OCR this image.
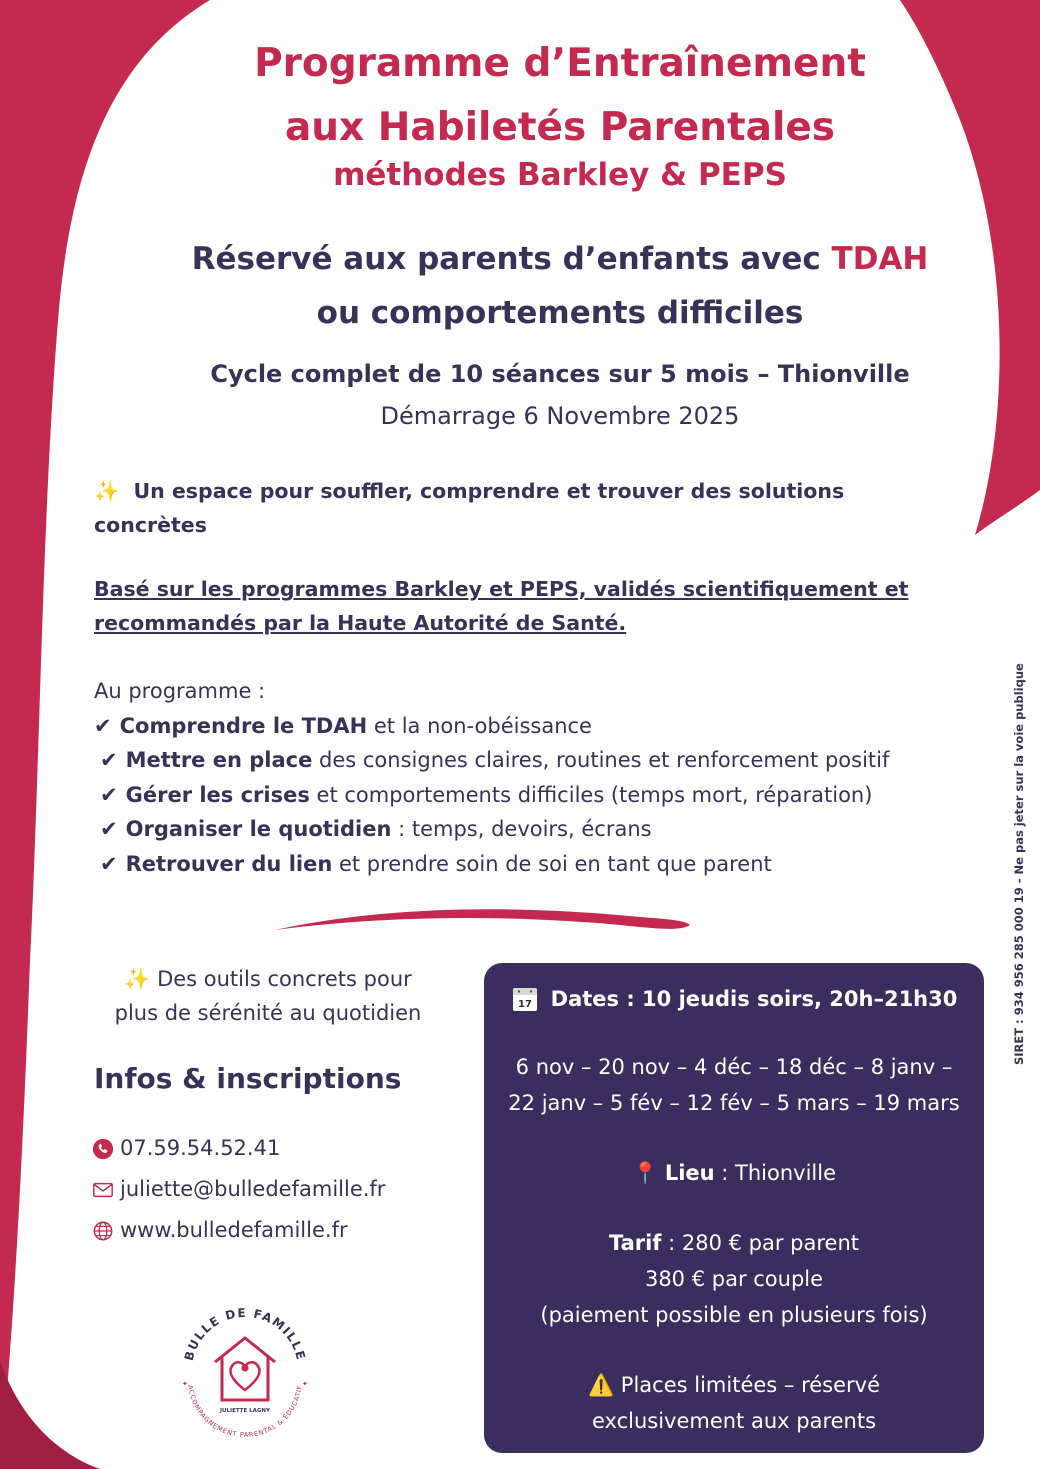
Programme d’Entraînement
aux Habiletés Parentales
méthodes Barkley & PEPS
Réservé aux parents d’enfants avec TDAH
ou comportements difficiles
Cycle complet de 10 séances sur 5 mois – Thionville
Démarrage 6 Novembre 2025
✨ Un espace pour souffler, comprendre et trouver des solutions concrètes
Basé sur les programmes Barkley et PEPS, validés scientifiquement et recommandés par la Haute Autorité de Santé.
Au programme :
✔ Comprendre le TDAH et la non-obéissance
✔ Mettre en place des consignes claires, routines et renforcement positif
✔ Gérer les crises et comportements difficiles (temps mort, réparation)
✔ Organiser le quotidien : temps, devoirs, écrans
✔ Retrouver du lien et prendre soin de soi en tant que parent
✨ Des outils concrets pour
plus de sérénité au quotidien
Infos & inscriptions
07.59.54.52.41
juliette@bulledefamille.fr
www.bulledefamille.fr
BULLE DE FAMILLE
ACCOMPAGNEMENT PARENTAL & ÉDUCATIF
JULIETTE LAGNY
✦	✦
17 Dates : 10 jeudis soirs, 20h–21h30
6 nov – 20 nov – 4 déc – 18 déc – 8 janv –
22 janv – 5 fév – 12 fév – 5 mars – 19 mars
📍 Lieu : Thionville
Tarif : 280 € par parent
380 € par couple
(paiement possible en plusieurs fois)
⚠️ Places limitées – réservé
exclusivement aux parents
SIRET : 934 956 285 000 19 - Ne pas jeter sur la voie publique
